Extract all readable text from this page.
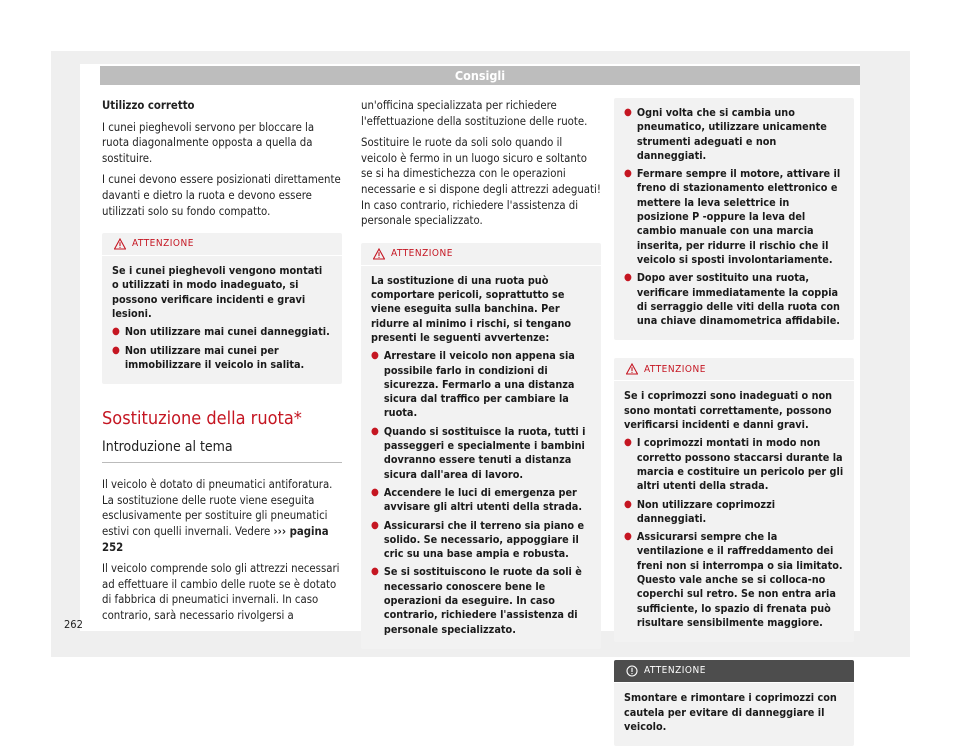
Consigli

Utilizzo corretto

I cunei pieghevoli servono per bloccare la ruota diagonalmente opposta a quella da sostituire.

I cunei devono essere posizionati direttamente davanti e dietro la ruota e devono essere utilizzati solo su fondo compatto.

ATTENZIONE

Se i cunei pieghevoli vengono montati o utilizzati in modo inadeguato, si possono verificare incidenti e gravi lesioni.

● Non utilizzare mai cunei danneggiati.
● Non utilizzare mai cunei per immobilizzare il veicolo in salita.
Sostituzione della ruota*
Introduzione al tema

Il veicolo è dotato di pneumatici antiforatura. La sostituzione delle ruote viene eseguita esclusivamente per sostituire gli pneumatici estivi con quelli invernali. Vedere ››› pagina 252

Il veicolo comprende solo gli attrezzi necessari ad effettuare il cambio delle ruote se è dotato di fabbrica di pneumatici invernali. In caso contrario, sarà necessario rivolgersi a

un'officina specializzata per richiedere l'effettuazione della sostituzione delle ruote.

Sostituire le ruote da soli solo quando il veicolo è fermo in un luogo sicuro e soltanto se si ha dimestichezza con le operazioni necessarie e si dispone degli attrezzi adeguati! In caso contrario, richiedere l'assistenza di personale specializzato.

ATTENZIONE

La sostituzione di una ruota può comportare pericoli, soprattutto se viene eseguita sulla banchina. Per ridurre al minimo i rischi, si tengano presenti le seguenti avvertenze:

● Arrestare il veicolo non appena sia possibile farlo in condizioni di sicurezza. Fermarlo a una distanza sicura dal traffico per cambiare la ruota.
● Quando si sostituisce la ruota, tutti i passeggeri e specialmente i bambini dovranno essere tenuti a distanza sicura dall'area di lavoro.
● Accendere le luci di emergenza per avvisare gli altri utenti della strada.
● Assicurarsi che il terreno sia piano e solido. Se necessario, appoggiare il cric su una base ampia e robusta.
● Se si sostituiscono le ruote da soli è necessario conoscere bene le operazioni da eseguire. In caso contrario, richiedere l'assistenza di personale specializzato.
● Ogni volta che si cambia uno pneumatico, utilizzare unicamente strumenti adeguati e non danneggiati.
● Fermare sempre il motore, attivare il freno di stazionamento elettronico e mettere la leva selettrice in posizione P -oppure la leva del cambio manuale con una marcia inserita, per ridurre il rischio che il veicolo si sposti involontariamente.
● Dopo aver sostituito una ruota, verificare immediatamente la coppia di serraggio delle viti della ruota con una chiave dinamometrica affidabile.
ATTENZIONE

Se i coprimozzi sono inadeguati o non sono montati correttamente, possono verificarsi incidenti e danni gravi.

● I coprimozzi montati in modo non corretto possono staccarsi durante la marcia e costituire un pericolo per gli altri utenti della strada.
● Non utilizzare coprimozzi danneggiati.
● Assicurarsi sempre che la ventilazione e il raffreddamento dei freni non si interrompa o sia limitato. Questo vale anche se si colloca-no coperchi sul retro. Se non entra aria sufficiente, lo spazio di frenata può risultare sensibilmente maggiore.
ATTENZIONE

Smontare e rimontare i coprimozzi con cautela per evitare di danneggiare il veicolo.

262
